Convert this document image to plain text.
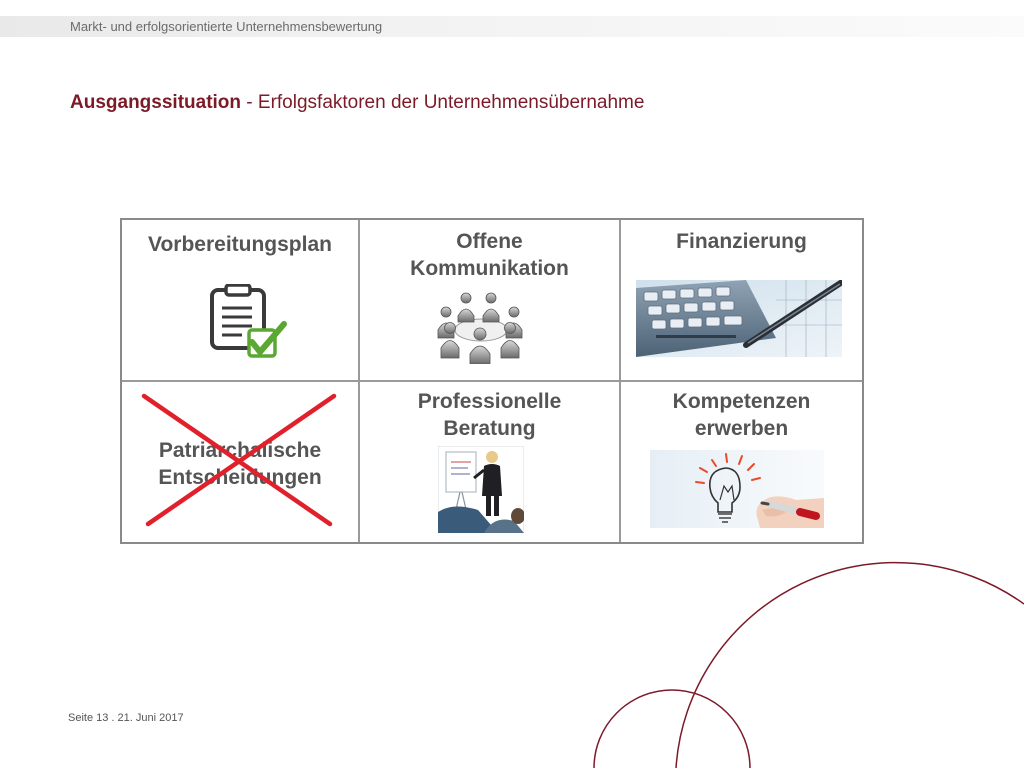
Markt- und erfolgsorientierte Unternehmensbewertung
Ausgangssituation - Erfolgsfaktoren der Unternehmensübernahme
Vorbereitungsplan	Offene
Kommunikation
Finanzierung
Patriarchalische
Entscheidungen
Professionelle
Beratung
Kompetenzen
erwerben
Seite 13 . 21. Juni 2017
